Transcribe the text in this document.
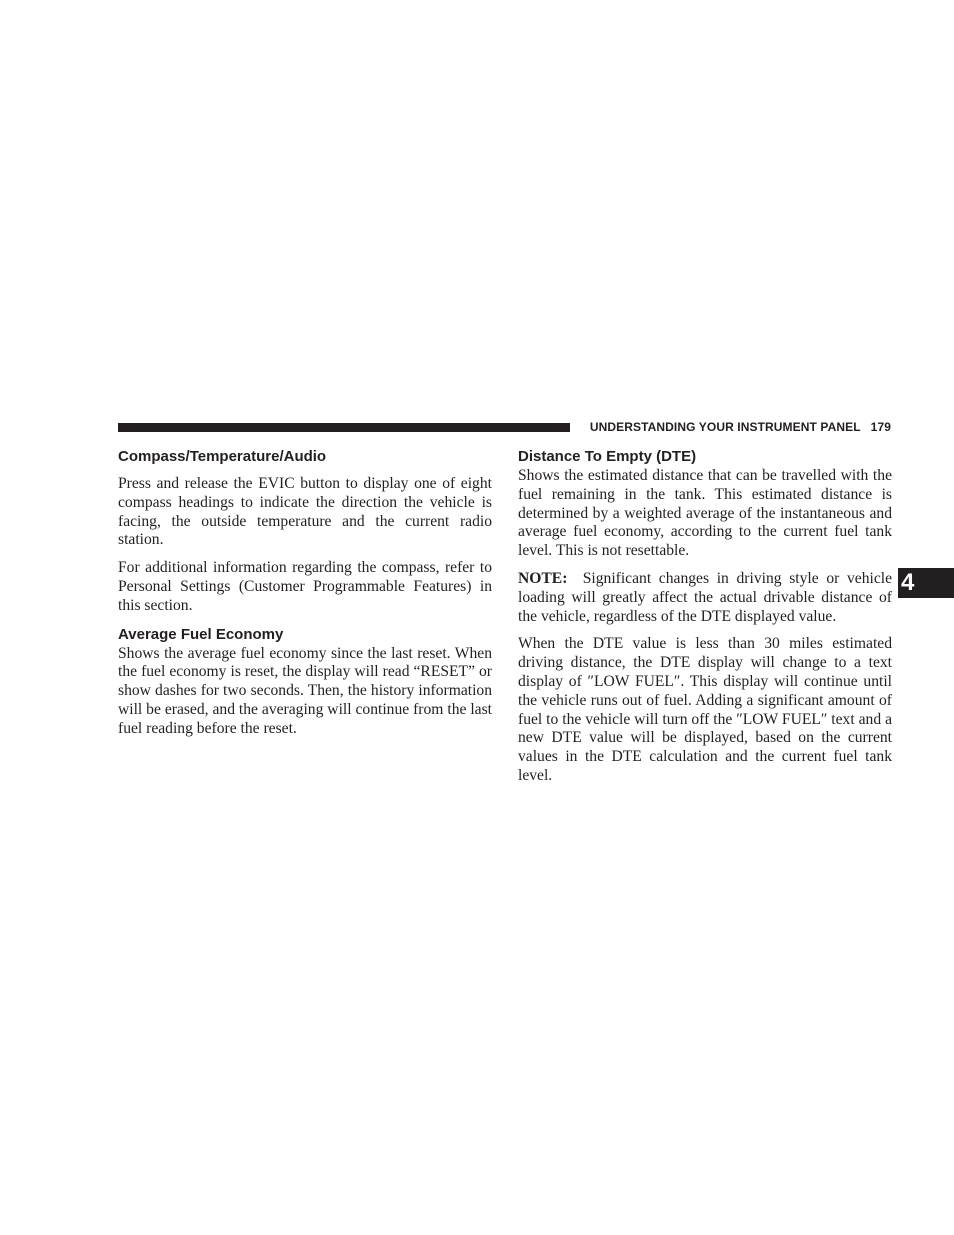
UNDERSTANDING YOUR INSTRUMENT PANEL 179
4
Compass/Temperature/Audio

Press and release the EVIC button to display one of eight compass headings to indicate the direction the vehicle is facing, the outside temperature and the current radio station.

For additional information regarding the compass, refer to Personal Settings (Customer Programmable Features) in this section.

Average Fuel Economy

Shows the average fuel economy since the last reset. When the fuel economy is reset, the display will read “RESET” or show dashes for two seconds. Then, the history information will be erased, and the averaging will continue from the last fuel reading before the reset.

Distance To Empty (DTE)

Shows the estimated distance that can be travelled with the fuel remaining in the tank. This estimated distance is determined by a weighted average of the instantaneous and average fuel economy, according to the current fuel tank level. This is not resettable.

NOTE: Significant changes in driving style or vehicle loading will greatly affect the actual drivable distance of the vehicle, regardless of the DTE displayed value.

When the DTE value is less than 30 miles estimated driving distance, the DTE display will change to a text display of ″LOW FUEL″. This display will continue until the vehicle runs out of fuel. Adding a significant amount of fuel to the vehicle will turn off the ″LOW FUEL″ text and a new DTE value will be displayed, based on the current values in the DTE calculation and the current fuel tank level.
